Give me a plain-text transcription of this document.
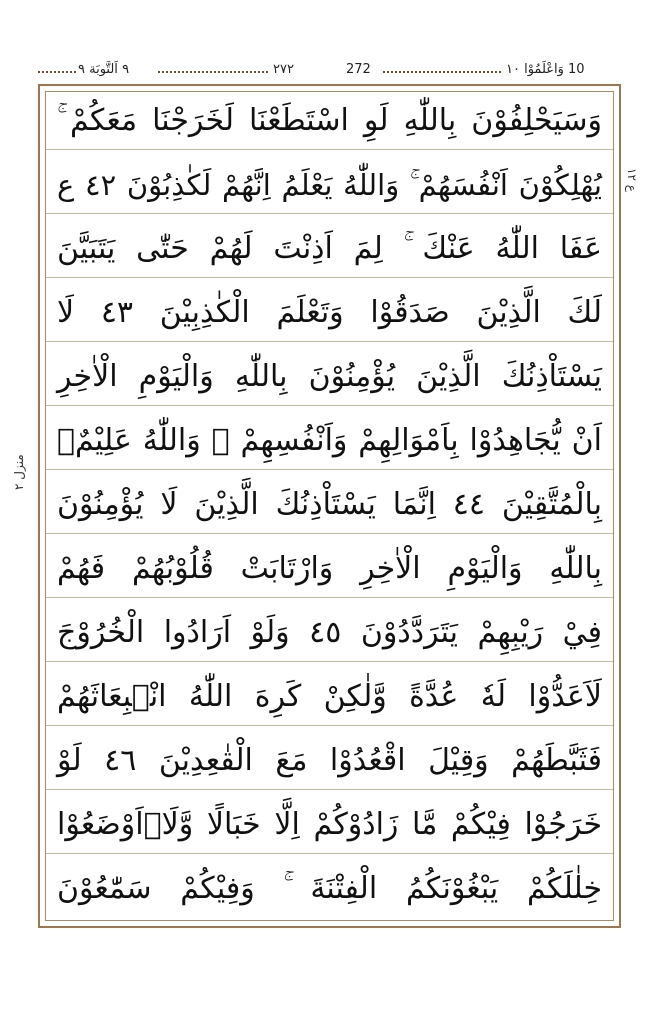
٩ اَلتَّوبَة ٩	٢٧٢	272	10 وَاعْلَمُوْا ١٠
ع ١٢
منزل ٢
وَسَيَحْلِفُوْنَ بِاللّٰهِ لَوِ اسْتَطَعْنَا لَخَرَجْنَا مَعَكُمْ ۚ
يُهْلِكُوْنَ اَنْفُسَهُمْ ۚ وَاللّٰهُ يَعْلَمُ اِنَّهُمْ لَكٰذِبُوْنَ ٤٢ ع
عَفَا اللّٰهُ عَنْكَ ۚ لِمَ اَذِنْتَ لَهُمْ حَتّٰى يَتَبَيَّنَ
لَكَ الَّذِيْنَ صَدَقُوْا وَتَعْلَمَ الْكٰذِبِيْنَ ٤٣ لَا
يَسْتَاْذِنُكَ الَّذِيْنَ يُؤْمِنُوْنَ بِاللّٰهِ وَالْيَوْمِ الْاٰخِرِ
اَنْ يُّجَاهِدُوْا بِاَمْوَالِهِمْ وَاَنْفُسِهِمْ ۗ وَاللّٰهُ عَلِيْمٌۢ
بِالْمُتَّقِيْنَ ٤٤ اِنَّمَا يَسْتَاْذِنُكَ الَّذِيْنَ لَا يُؤْمِنُوْنَ
بِاللّٰهِ وَالْيَوْمِ الْاٰخِرِ وَارْتَابَتْ قُلُوْبُهُمْ فَهُمْ
فِيْ رَيْبِهِمْ يَتَرَدَّدُوْنَ ٤٥ وَلَوْ اَرَادُوا الْخُرُوْجَ
لَاَعَدُّوْا لَهٗ عُدَّةً وَّلٰكِنْ كَرِهَ اللّٰهُ انْۢبِعَاثَهُمْ
فَثَبَّطَهُمْ وَقِيْلَ اقْعُدُوْا مَعَ الْقٰعِدِيْنَ ٤٦ لَوْ
خَرَجُوْا فِيْكُمْ مَّا زَادُوْكُمْ اِلَّا خَبَالًا وَّلَا۠اَوْضَعُوْا
خِلٰلَكُمْ يَبْغُوْنَكُمُ الْفِتْنَةَ ۚ وَفِيْكُمْ سَمّٰعُوْنَ
